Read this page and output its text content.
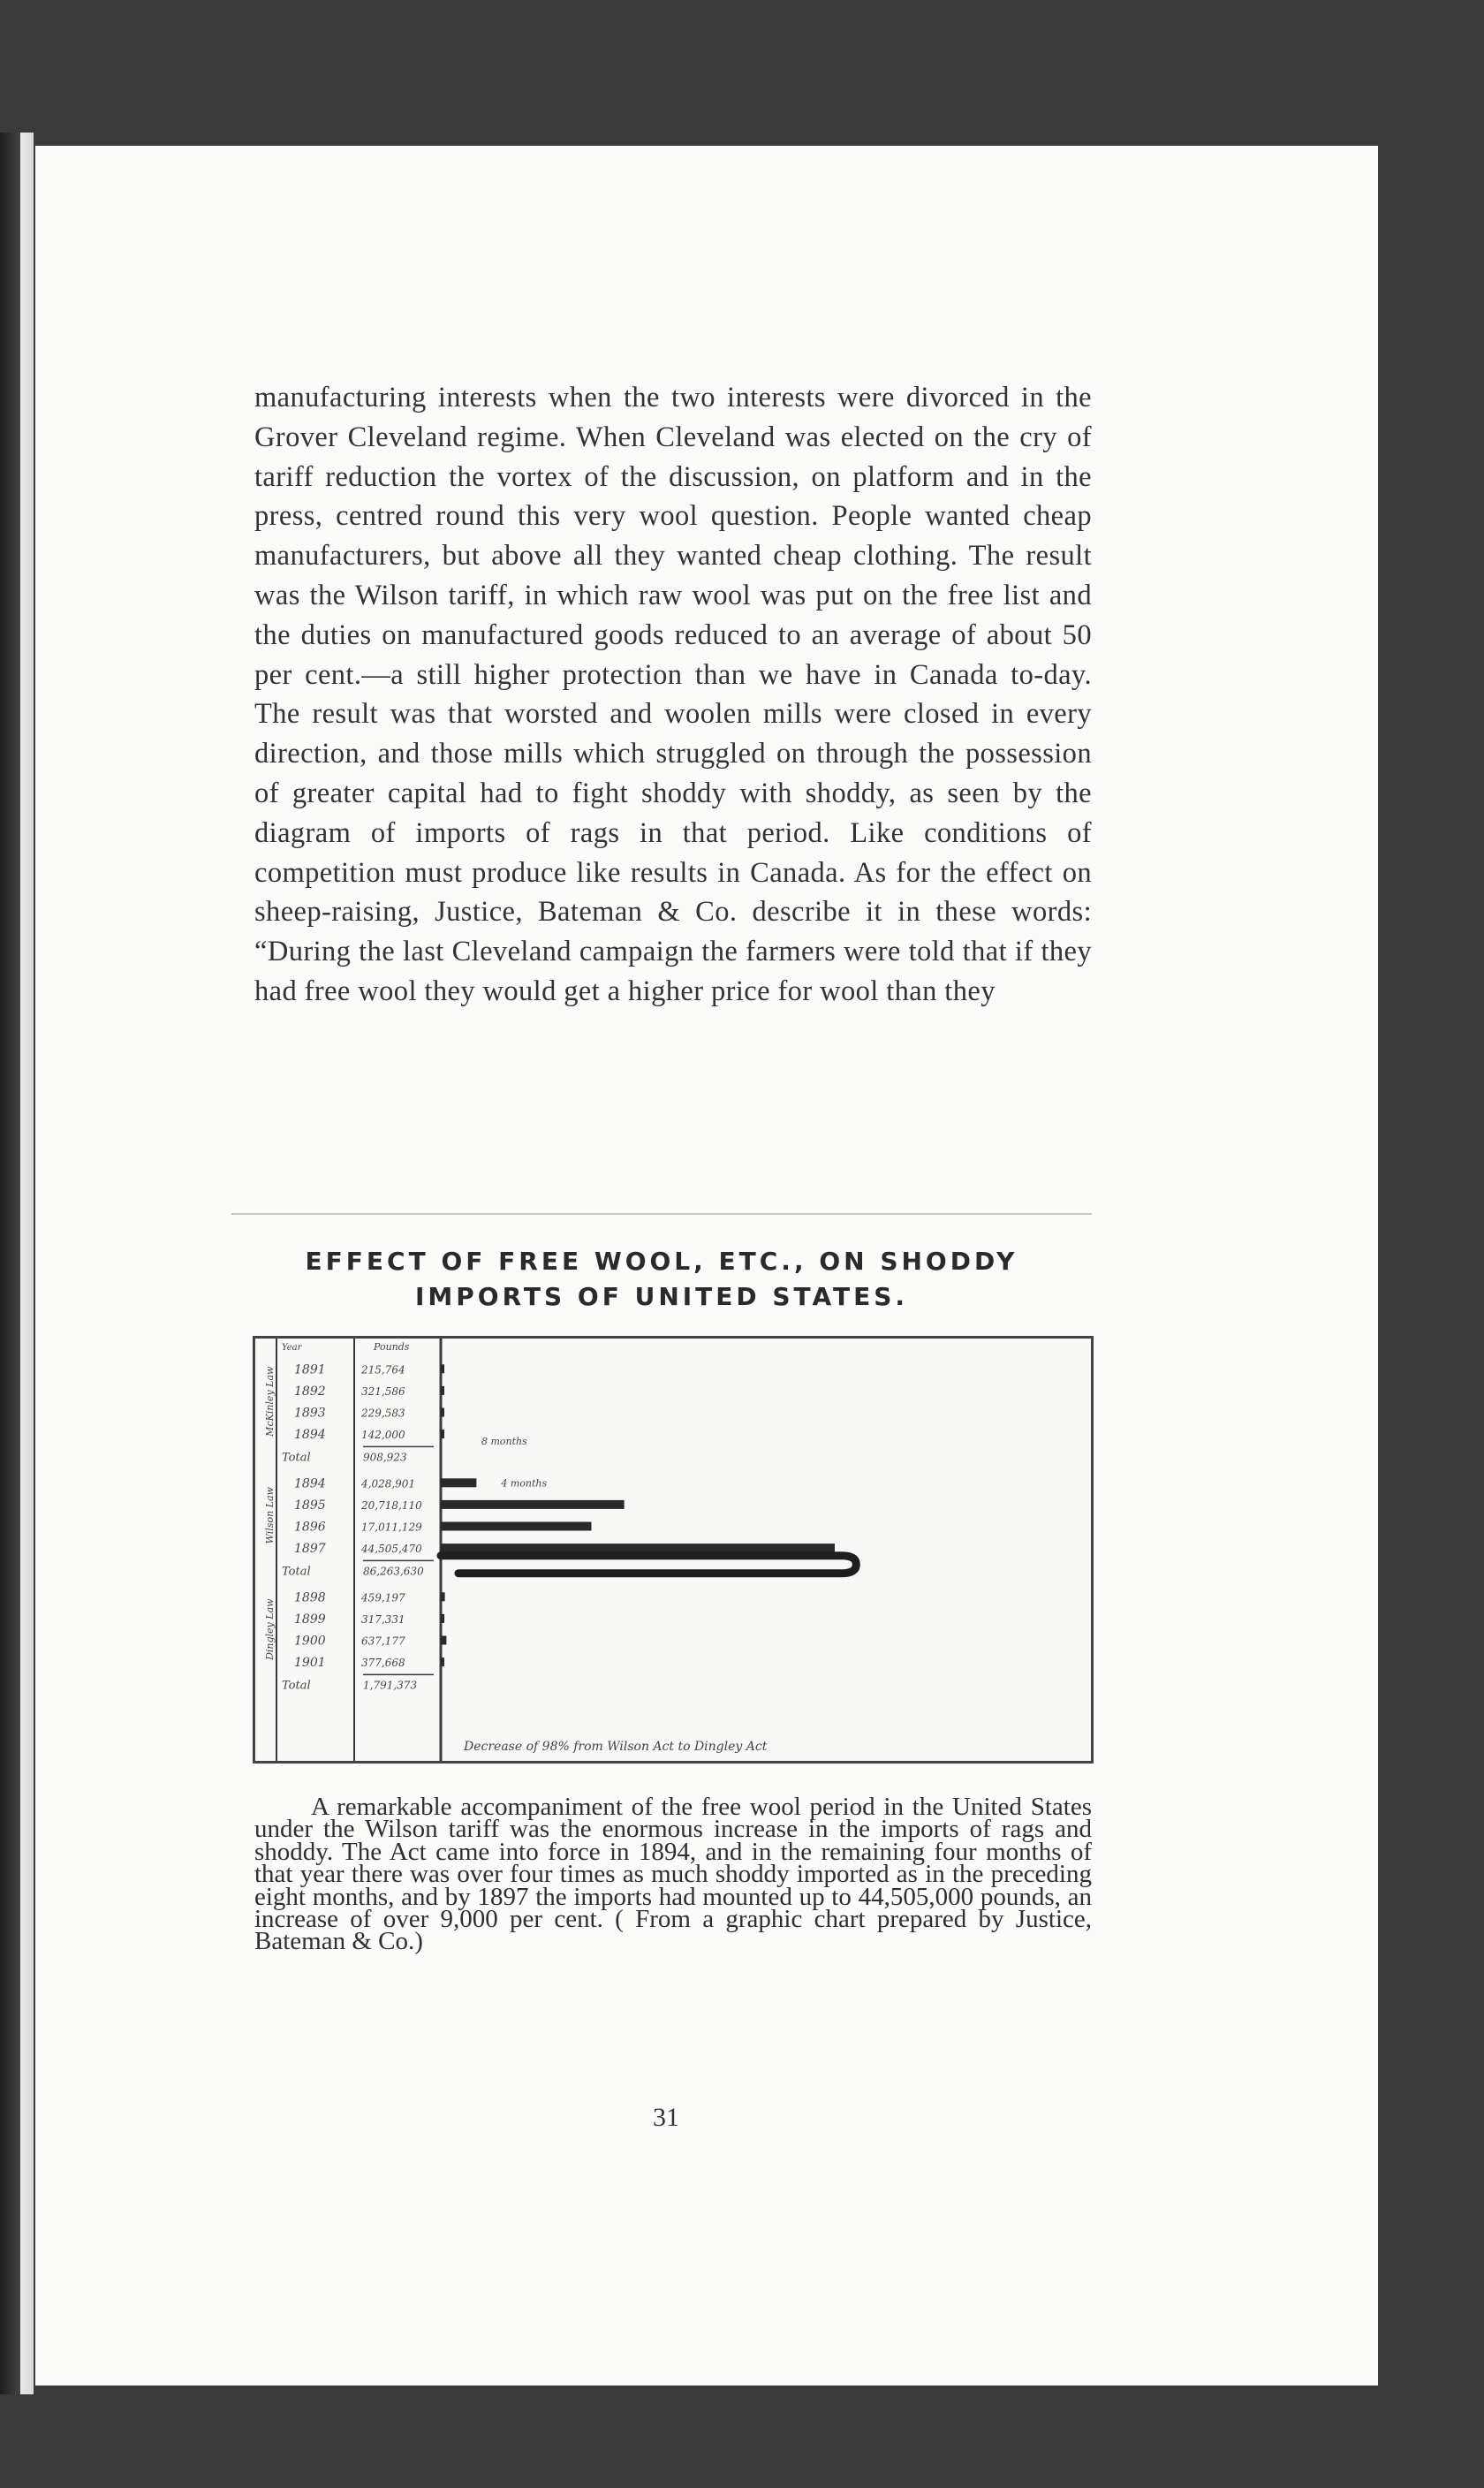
manufacturing interests when the two interests were divorced in the Grover Cleveland regime. When Cleveland was elected on the cry of tariff reduction the vortex of the discussion, on platform and in the press, centred round this very wool question. People wanted cheap manufacturers, but above all they wanted cheap clothing. The result was the Wilson tariff, in which raw wool was put on the free list and the duties on manufactured goods reduced to an average of about 50 per cent.—a still higher protection than we have in Canada to-day. The result was that worsted and woolen mills were closed in every direction, and those mills which struggled on through the possession of greater capital had to fight shoddy with shoddy, as seen by the diagram of imports of rags in that period. Like conditions of competition must produce like results in Canada. As for the effect on sheep-raising, Justice, Bateman & Co. describe it in these words: “During the last Cleveland campaign the farmers were told that if they had free wool they would get a higher price for wool than they

EFFECT OF FREE WOOL, ETC., ON SHODDY IMPORTS OF UNITED STATES.
Year	Pounds
1891	215,764
1892	321,586
1893	229,583
1894	142,000
8 months
McKinley Law
Total	908,923
1894	4,028,901	4 months
1895	20,718,110
1896	17,011,129
1897	44,505,470
Wilson Law
Total	86,263,630
1898	459,197
1899	317,331
1900	637,177
1901	377,668
Dingley Law
Total	1,791,373
Decrease of 98% from Wilson Act to Dingley Act

A remarkable accompaniment of the free wool period in the United States under the Wilson tariff was the enormous increase in the imports of rags and shoddy. The Act came into force in 1894, and in the remaining four months of that year there was over four times as much shoddy imported as in the preceding eight months, and by 1897 the imports had mounted up to 44,505,000 pounds, an increase of over 9,000 per cent. ( From a graphic chart prepared by Justice, Bateman & Co.)

31
